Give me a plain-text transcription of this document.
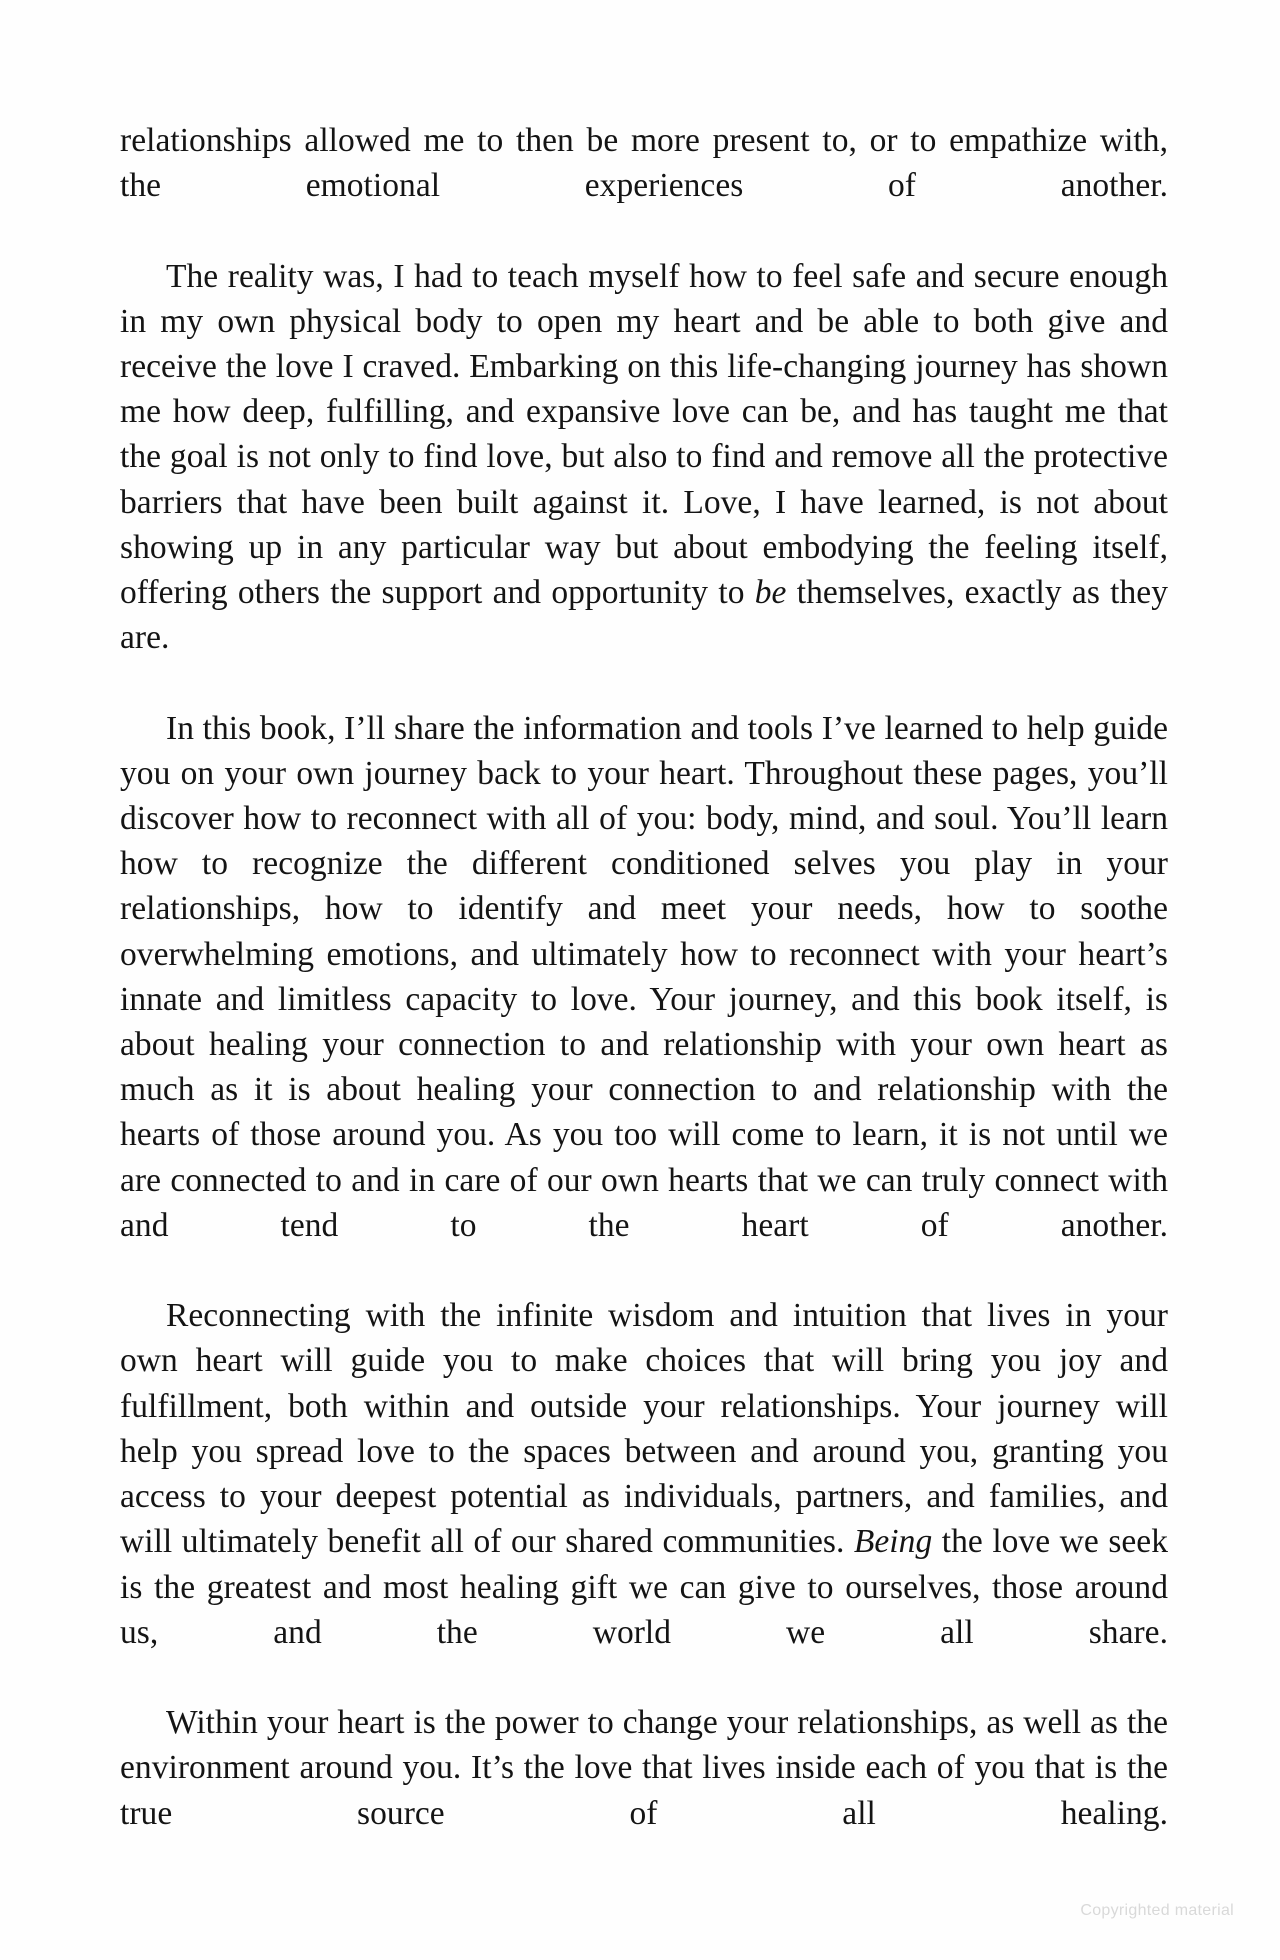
relationships allowed me to then be more present to, or to empathize with, the emotional experiences of another.

The reality was, I had to teach myself how to feel safe and secure enough in my own physical body to open my heart and be able to both give and receive the love I craved. Embarking on this life-changing journey has shown me how deep, fulfilling, and expansive love can be, and has taught me that the goal is not only to find love, but also to find and remove all the protective barriers that have been built against it. Love, I have learned, is not about showing up in any particular way but about embodying the feeling itself, offering others the support and opportunity to be themselves, exactly as they are.

In this book, I’ll share the information and tools I’ve learned to help guide you on your own journey back to your heart. Throughout these pages, you’ll discover how to reconnect with all of you: body, mind, and soul. You’ll learn how to recognize the different conditioned selves you play in your relationships, how to identify and meet your needs, how to soothe overwhelming emotions, and ultimately how to reconnect with your heart’s innate and limitless capacity to love. Your journey, and this book itself, is about healing your connection to and relationship with your own heart as much as it is about healing your connection to and relationship with the hearts of those around you. As you too will come to learn, it is not until we are connected to and in care of our own hearts that we can truly connect with and tend to the heart of another.

Reconnecting with the infinite wisdom and intuition that lives in your own heart will guide you to make choices that will bring you joy and fulfillment, both within and outside your relationships. Your journey will help you spread love to the spaces between and around you, granting you access to your deepest potential as individuals, partners, and families, and will ultimately benefit all of our shared communities. Being the love we seek is the greatest and most healing gift we can give to ourselves, those around us, and the world we all share.

Within your heart is the power to change your relationships, as well as the environment around you. It’s the love that lives inside each of you that is the true source of all healing.

Copyrighted material
